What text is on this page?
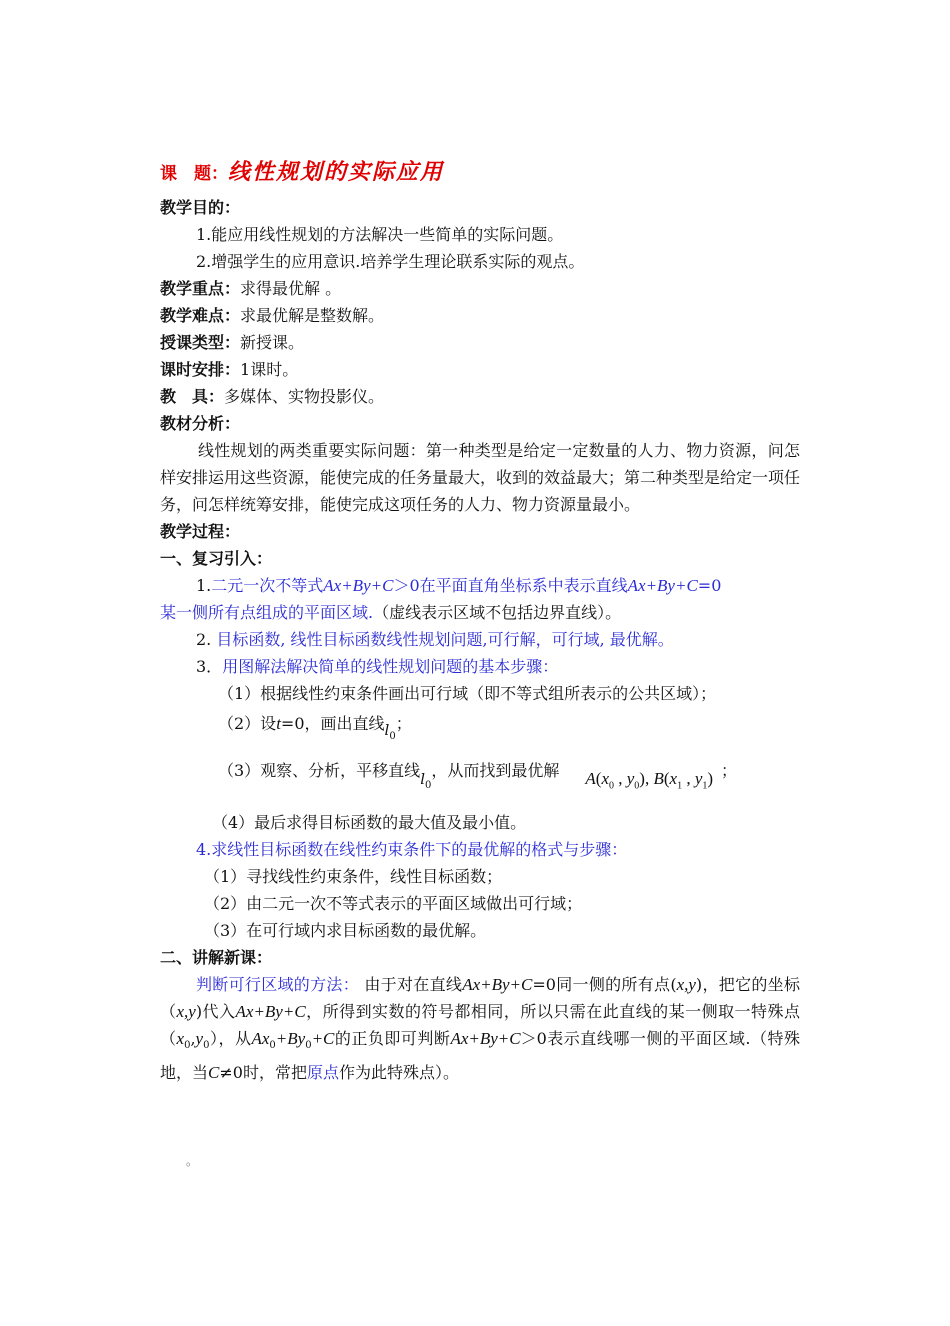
课　题：线性规划的实际应用
教学目的：
1.能应用线性规划的方法解决一些简单的实际问题。
2.增强学生的应用意识.培养学生理论联系实际的观点。
教学重点：求得最优解 。
教学难点：求最优解是整数解。
授课类型：新授课。
课时安排：1课时。
教　具：多媒体、实物投影仪。
教材分析：
线性规划的两类重要实际问题：第一种类型是给定一定数量的人力、物力资源，问怎样安排运用这些资源，能使完成的任务量最大，收到的效益最大；第二种类型是给定一项任务，问怎样统筹安排，能使完成这项任务的人力、物力资源量最小。
教学过程：
一、复习引入：
1.二元一次不等式Ax+By+C＞0在平面直角坐标系中表示直线Ax+By+C=0
某一侧所有点组成的平面区域.（虚线表示区域不包括边界直线）。
2. 目标函数, 线性目标函数线性规划问题,可行解，可行域, 最优解。
3．用图解法解决简单的线性规划问题的基本步骤：
（1）根据线性约束条件画出可行域（即不等式组所表示的公共区域）；
（2）设t=0，画出直线$l_0$；
（3）观察、分析，平移直线$l_0$，从而找到最优解 $A(x_0$ , $y_0$), $B(x_1$ , $y_1$) ；
（4）最后求得目标函数的最大值及最小值。
4.求线性目标函数在线性约束条件下的最优解的格式与步骤：
（1）寻找线性约束条件，线性目标函数；
（2）由二元一次不等式表示的平面区域做出可行域；
（3）在可行域内求目标函数的最优解。
二、讲解新课：
判断可行区域的方法： 由于对在直线Ax+By+C=0同一侧的所有点(x,y)，把它的坐标（x,y)代入Ax+By+C，所得到实数的符号都相同，所以只需在此直线的某一侧取一特殊点$(x_0,y_0)$，从$Ax_0+By_0+C$的正负即可判断Ax+By+C＞0表示直线哪一侧的平面区域.（特殊地，当C≠0时，常把原点作为此特殊点）。
。
